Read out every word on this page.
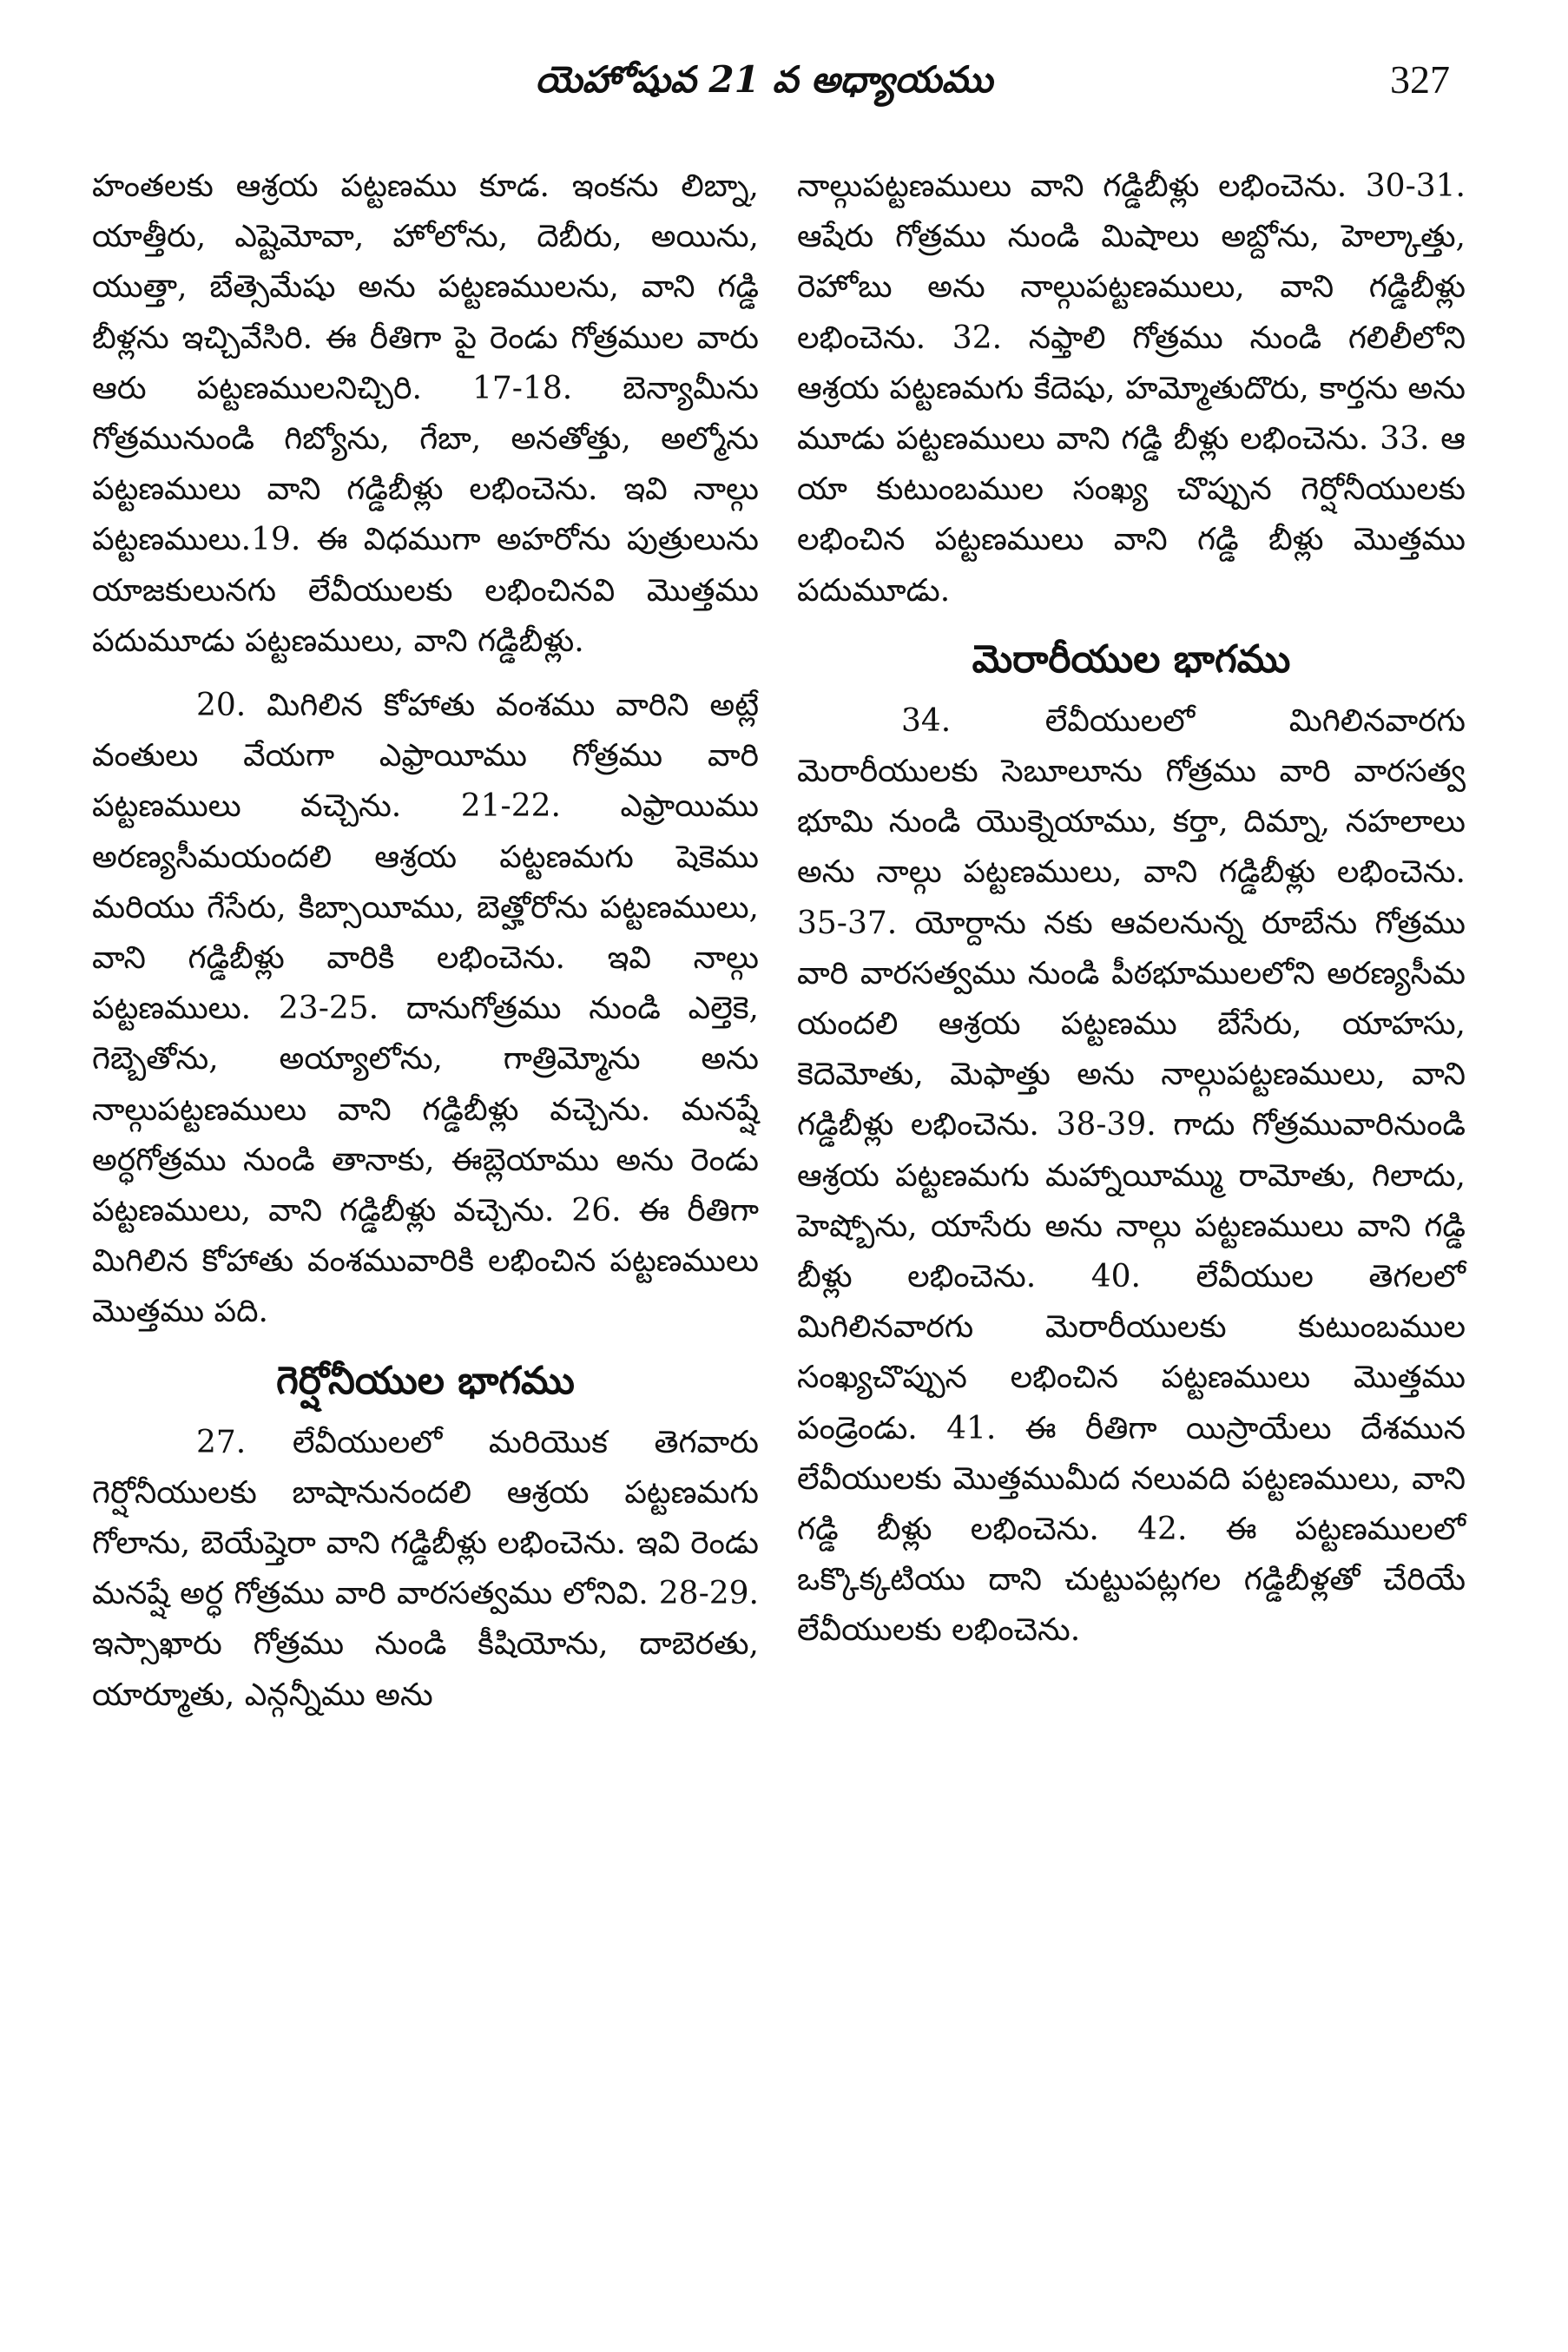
యెహోషువ 21 వ అధ్యాయము	327

హంతలకు ఆశ్రయ పట్టణము కూడ. ఇంకను లిబ్నా, యాత్తీరు, ఎష్టెమోవా, హోలోను, దెబీరు, అయిను, యుత్తా, బేత్సెమేషు అను పట్టణములను, వాని గడ్డి బీళ్లను ఇచ్చివేసిరి. ఈ రీతిగా పై రెండు గోత్రముల వారు ఆరు పట్టణములనిచ్చిరి. 17-18. బెన్యామీను గోత్రమునుండి గిబ్యోను, గేబా, అనతోత్తు, అల్మోను పట్టణములు వాని గడ్డిబీళ్లు లభించెను. ఇవి నాల్గు పట్టణములు.19. ఈ విధముగా అహరోను పుత్రులును యాజకులునగు లేవీయులకు లభించినవి మొత్తము పదుమూడు పట్టణములు, వాని గడ్డిబీళ్లు.

20. మిగిలిన కోహాతు వంశము వారిని అట్లే వంతులు వేయగా ఎఫ్రాయీము గోత్రము వారి పట్టణములు వచ్చెను. 21-22. ఎఫ్రాయిము అరణ్యసీమయందలి ఆశ్రయ పట్టణమగు షెకెము మరియు గేసేరు, కిబ్సాయీము, బెత్హోరోను పట్టణములు, వాని గడ్డిబీళ్లు వారికి లభించెను. ఇవి నాల్గు పట్టణములు. 23-25. దానుగోత్రము నుండి ఎల్తెకె, గెబ్బెతోను, అయ్యాలోను, గాత్రిమ్మోను అను నాల్గుపట్టణములు వాని గడ్డిబీళ్లు వచ్చెను. మనష్షే అర్ధగోత్రము నుండి తానాకు, ఈబ్లెయాము అను రెండు పట్టణములు, వాని గడ్డిబీళ్లు వచ్చెను. 26. ఈ రీతిగా మిగిలిన కోహాతు వంశమువారికి లభించిన పట్టణములు మొత్తము పది.

గెర్షోనీయుల భాగము

27. లేవీయులలో మరియొక తెగవారు గెర్షోనీయులకు బాషానునందలి ఆశ్రయ పట్టణమగు గోలాను, బెయేష్తెరా వాని గడ్డిబీళ్లు లభించెను. ఇవి రెండు మనష్షే అర్ధ గోత్రము వారి వారసత్వము లోనివి. 28-29. ఇస్సాఖారు గోత్రము నుండి కీషియోను, దాబెరతు, యార్మూతు, ఎన్గన్నీము అను

నాల్గుపట్టణములు వాని గడ్డిబీళ్లు లభించెను. 30-31. ఆషేరు గోత్రము నుండి మిషాలు అబ్దోను, హెల్కాత్తు, రెహోబు అను నాల్గుపట్టణములు, వాని గడ్డిబీళ్లు లభించెను. 32. నఫ్తాలి గోత్రము నుండి గలిలీలోని ఆశ్రయ పట్టణమగు కేదెషు, హమ్మోతుదొరు, కార్తను అను మూడు పట్టణములు వాని గడ్డి బీళ్లు లభించెను. 33. ఆ యా కుటుంబముల సంఖ్య చొప్పున గెర్షోనీయులకు లభించిన పట్టణములు వాని గడ్డి బీళ్లు మొత్తము పదుమూడు.

మెరారీయుల భాగము

34. లేవీయులలో మిగిలినవారగు మెరారీయులకు సెబూలూను గోత్రము వారి వారసత్వ భూమి నుండి యొక్నెయాము, కర్తా, దిమ్నా, నహలాలు అను నాల్గు పట్టణములు, వాని గడ్డిబీళ్లు లభించెను. 35-37. యోర్దాను నకు ఆవలనున్న రూబేను గోత్రము వారి వారసత్వము నుండి పీఠభూములలోని అరణ్యసీమ యందలి ఆశ్రయ పట్టణము బేసేరు, యాహసు, కెదెమోతు, మెఫాత్తు అను నాల్గుపట్టణములు, వాని గడ్డిబీళ్లు లభించెను. 38-39. గాదు గోత్రమువారినుండి ఆశ్రయ పట్టణమగు మహ్నాయీమ్ము రామోతు, గిలాదు, హెష్బోను, యాసేరు అను నాల్గు పట్టణములు వాని గడ్డి బీళ్లు లభించెను. 40. లేవీయుల తెగలలో మిగిలినవారగు మెరారీయులకు కుటుంబముల సంఖ్యచొప్పున లభించిన పట్టణములు మొత్తము పండ్రెండు. 41. ఈ రీతిగా యిస్రాయేలు దేశమున లేవీయులకు మొత్తముమీద నలువది పట్టణములు, వాని గడ్డి బీళ్లు లభించెను. 42. ఈ పట్టణములలో ఒక్కొక్కటియు దాని చుట్టుపట్లగల గడ్డిబీళ్లతో చేరియే లేవీయులకు లభించెను.
